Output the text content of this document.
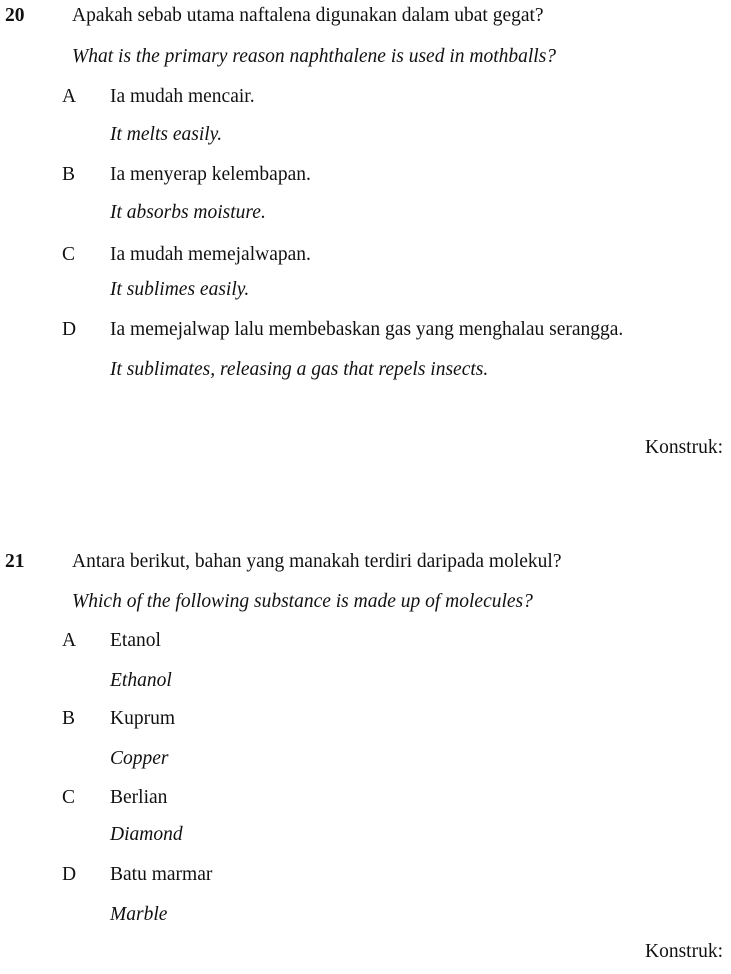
20 Apakah sebab utama naftalena digunakan dalam ubat gegat?
What is the primary reason naphthalene is used in mothballs?
A Ia mudah mencair.
It melts easily.
B Ia menyerap kelembapan.
It absorbs moisture.
C Ia mudah memejalwapan.
It sublimes easily.
D Ia memejalwap lalu membebaskan gas yang menghalau serangga.
It sublimates, releasing a gas that repels insects.
Konstruk:
21 Antara berikut, bahan yang manakah terdiri daripada molekul?
Which of the following substance is made up of molecules?
A Etanol
Ethanol
B Kuprum
Copper
C Berlian
Diamond
D Batu marmar
Marble
Konstruk:
